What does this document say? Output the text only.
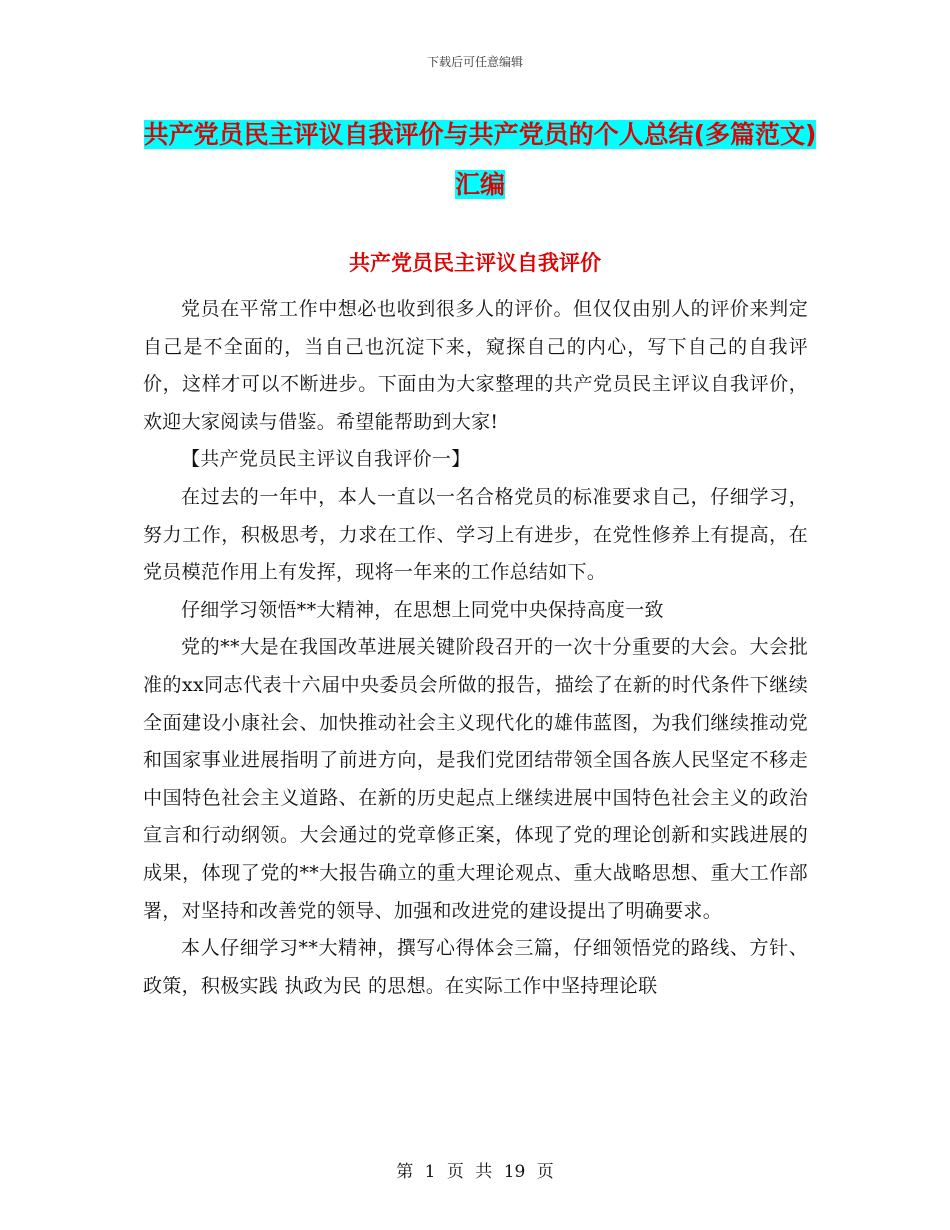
下载后可任意编辑
共产党员民主评议自我评价与共产党员的个人总结(多篇范文)汇编
共产党员民主评议自我评价

党员在平常工作中想必也收到很多人的评价。但仅仅由别人的评价来判定自己是不全面的，当自己也沉淀下来，窥探自己的内心，写下自己的自我评价，这样才可以不断进步。下面由为大家整理的共产党员民主评议自我评价，欢迎大家阅读与借鉴。希望能帮助到大家!

【共产党员民主评议自我评价一】

在过去的一年中，本人一直以一名合格党员的标准要求自己，仔细学习，努力工作，积极思考，力求在工作、学习上有进步，在党性修养上有提高，在党员模范作用上有发挥，现将一年来的工作总结如下。

仔细学习领悟**大精神，在思想上同党中央保持高度一致

党的**大是在我国改革进展关键阶段召开的一次十分重要的大会。大会批准的xx同志代表十六届中央委员会所做的报告，描绘了在新的时代条件下继续全面建设小康社会、加快推动社会主义现代化的雄伟蓝图，为我们继续推动党和国家事业进展指明了前进方向，是我们党团结带领全国各族人民坚定不移走中国特色社会主义道路、在新的历史起点上继续进展中国特色社会主义的政治宣言和行动纲领。大会通过的党章修正案，体现了党的理论创新和实践进展的成果，体现了党的**大报告确立的重大理论观点、重大战略思想、重大工作部署，对坚持和改善党的领导、加强和改进党的建设提出了明确要求。

本人仔细学习**大精神，撰写心得体会三篇，仔细领悟党的路线、方针、政策，积极实践 执政为民 的思想。在实际工作中坚持理论联

第 1 页 共 19 页
